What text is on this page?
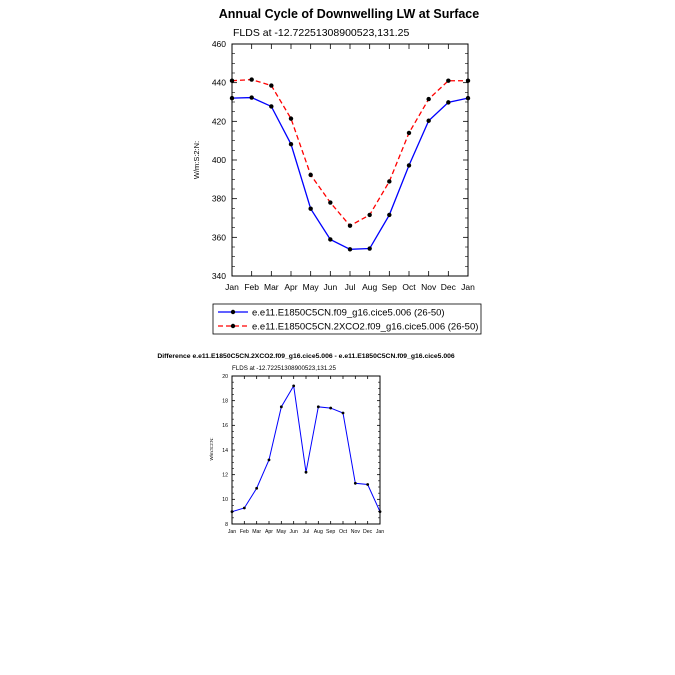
Annual Cycle of Downwelling LW at Surface
FLDS at -12.72251308900523,131.25
W/m:S:2:N:
e.e11.E1850C5CN.f09_g16.cice5.006 (26-50)
e.e11.E1850C5CN.2XCO2.f09_g16.cice5.006 (26-50)
Difference e.e11.E1850C5CN.2XCO2.f09_g16.cice5.006 - e.e11.E1850C5CN.f09_g16.cice5.006
FLDS at -12.72251308900523,131.25
W/m:S:2:N:
340
360
380
400
420
440
460
Jan Feb Mar Apr May Jun Jul Aug Sep Oct Nov Dec Jan
8
10
12
14
16
18
20
Jan Feb Mar Apr May Jun Jul Aug Sep Oct Nov Dec Jan
